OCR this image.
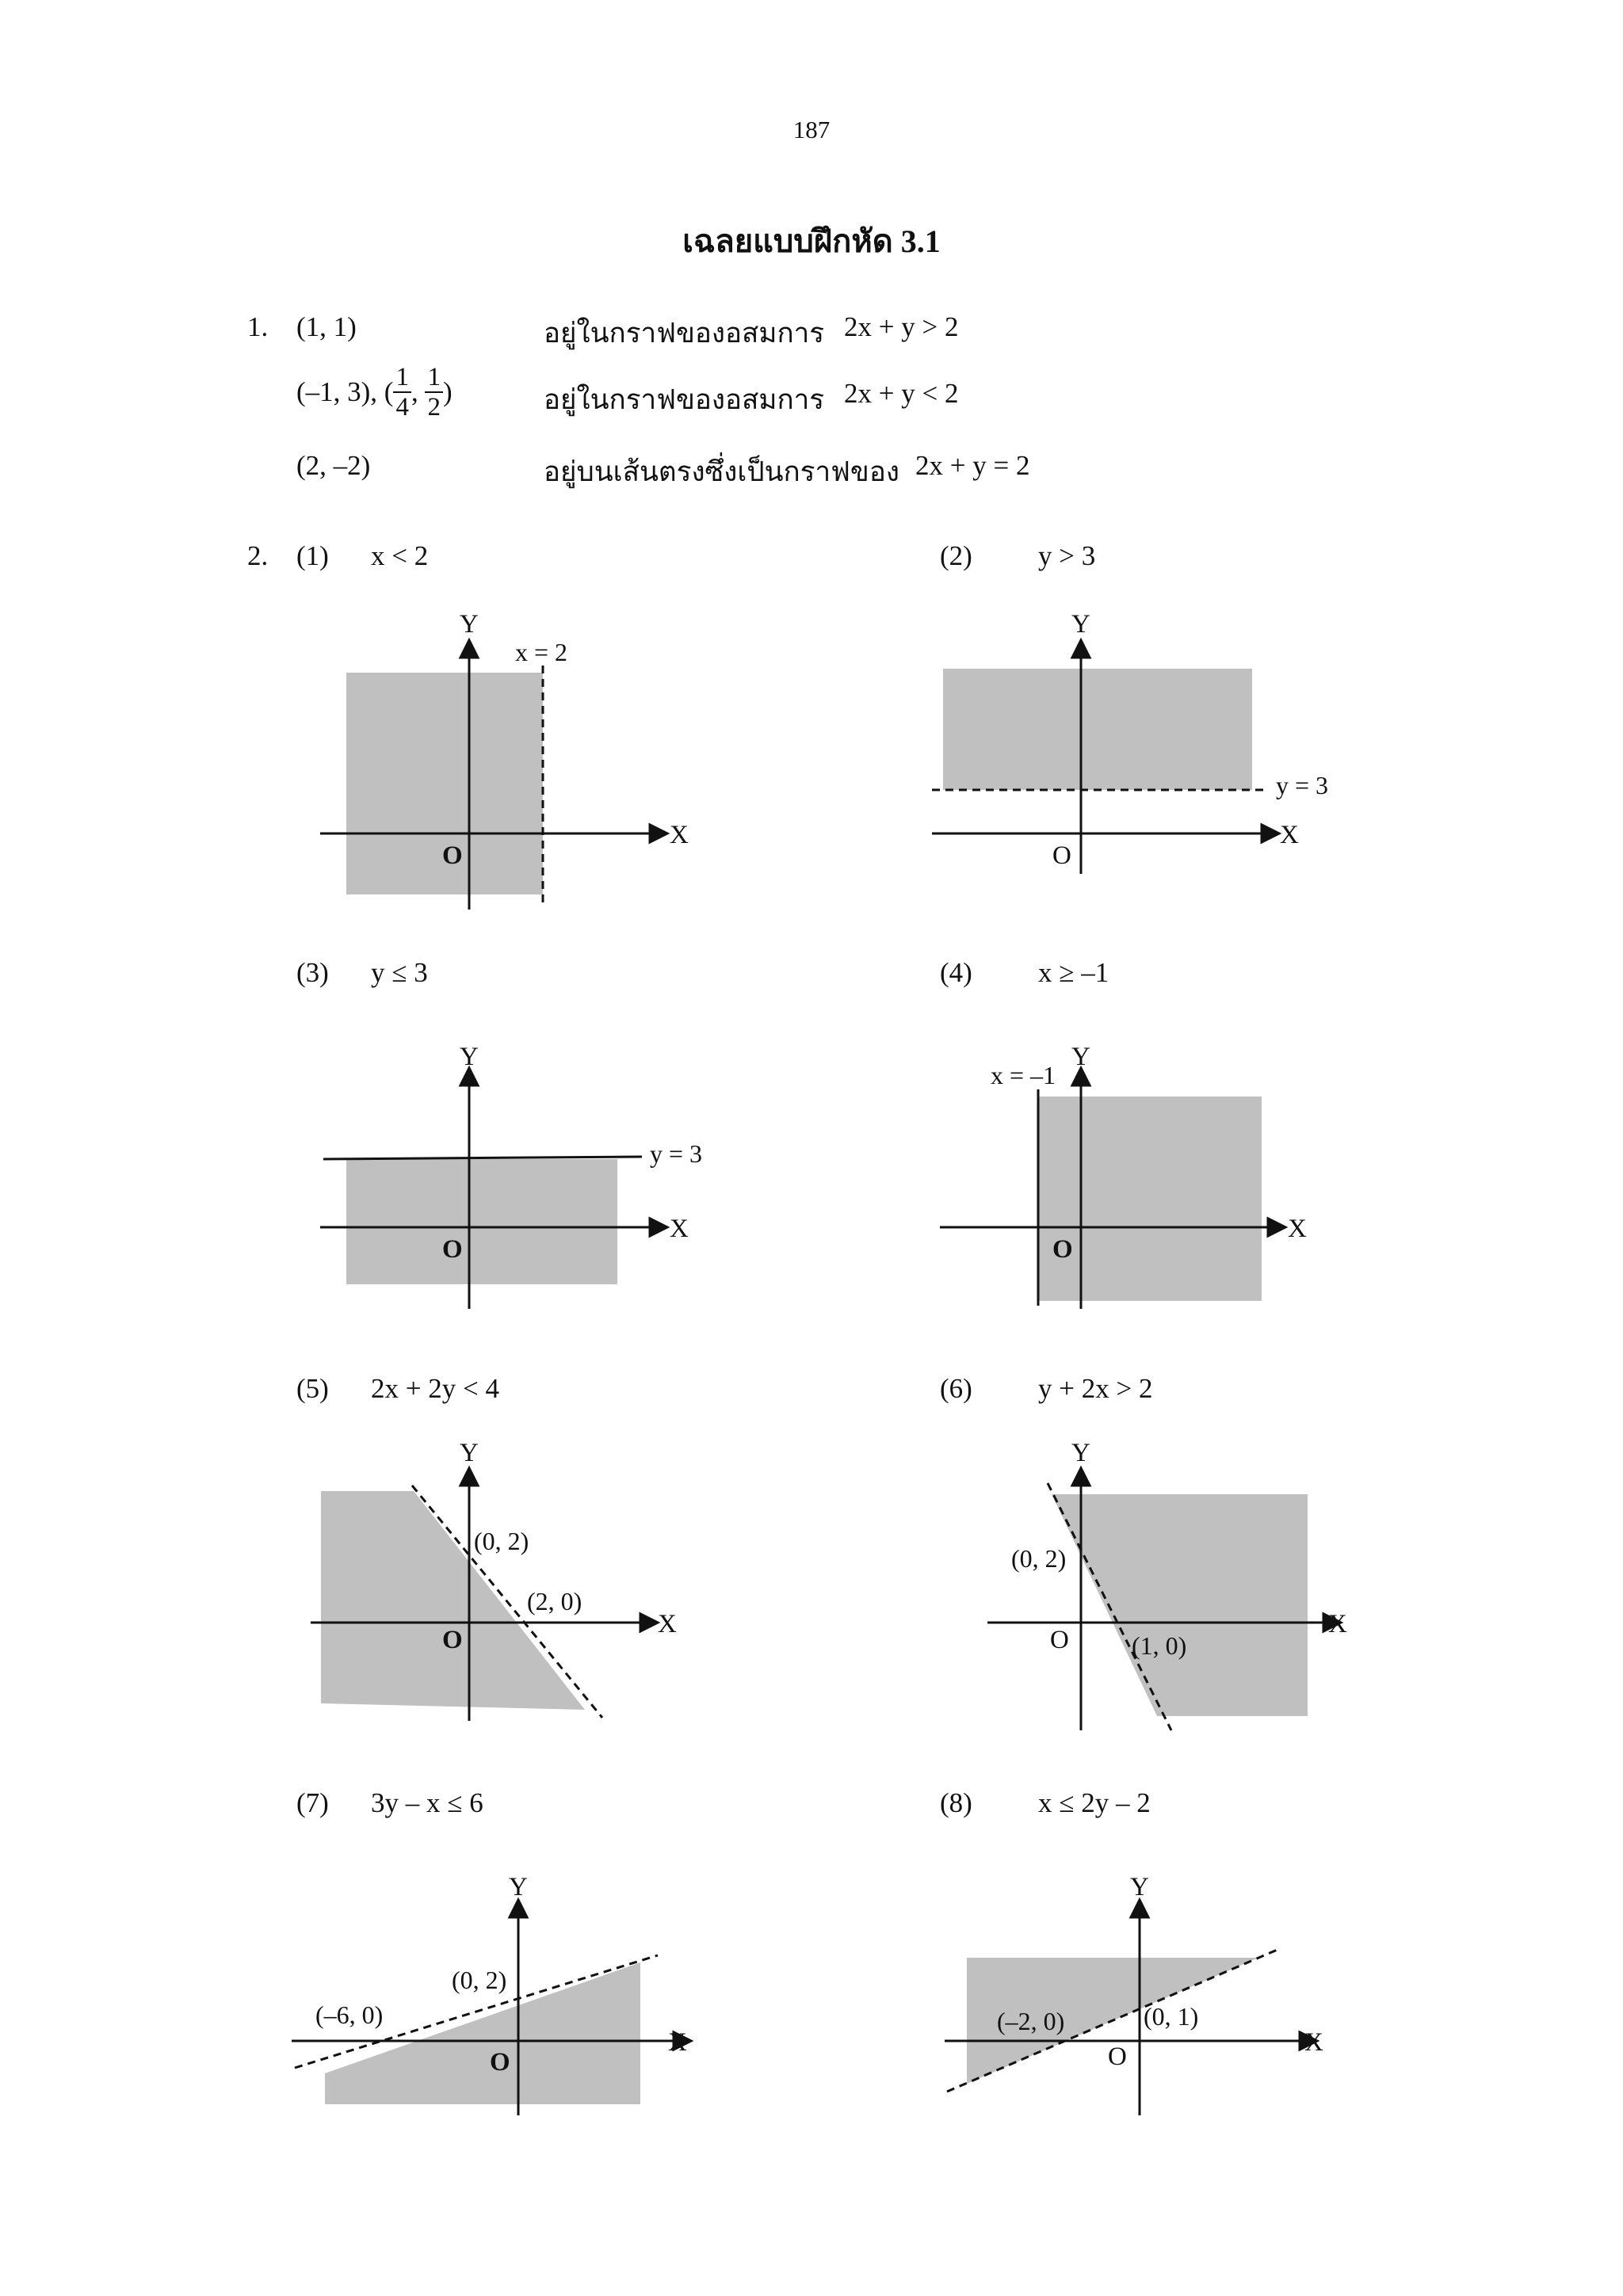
187
เฉลยแบบฝึกหัด 3.1
1. (1, 1)	อยู่ในกราฟของอสมการ 2x + y > 2
(–1, 3), ( $\frac{1}{4}$ , $\frac{1}{2}$ )	อยู่ในกราฟของอสมการ 2x + y < 2
(2, –2)	อยู่บนเส้นตรงซึ่งเป็นกราฟของ 2x + y = 2
2. (1) x < 2	(2) y > 3
(3) y ≤ 3	(4) x ≥ –1
(5) 2x + 2y < 4	(6) y + 2x > 2
(7) 3y – x ≤ 6	(8) x ≤ 2y – 2
Y
X
O
x = 2
Y
X
O
y = 3
Y
X
O
y = 3
Y
X
O
x = –1
Y
X
O
(0, 2)
(2, 0)
Y
X
O
(0, 2)
(1, 0)
Y
X
O
(0, 2)
(–6, 0)
Y
X
O
(0, 1)
(–2, 0)
